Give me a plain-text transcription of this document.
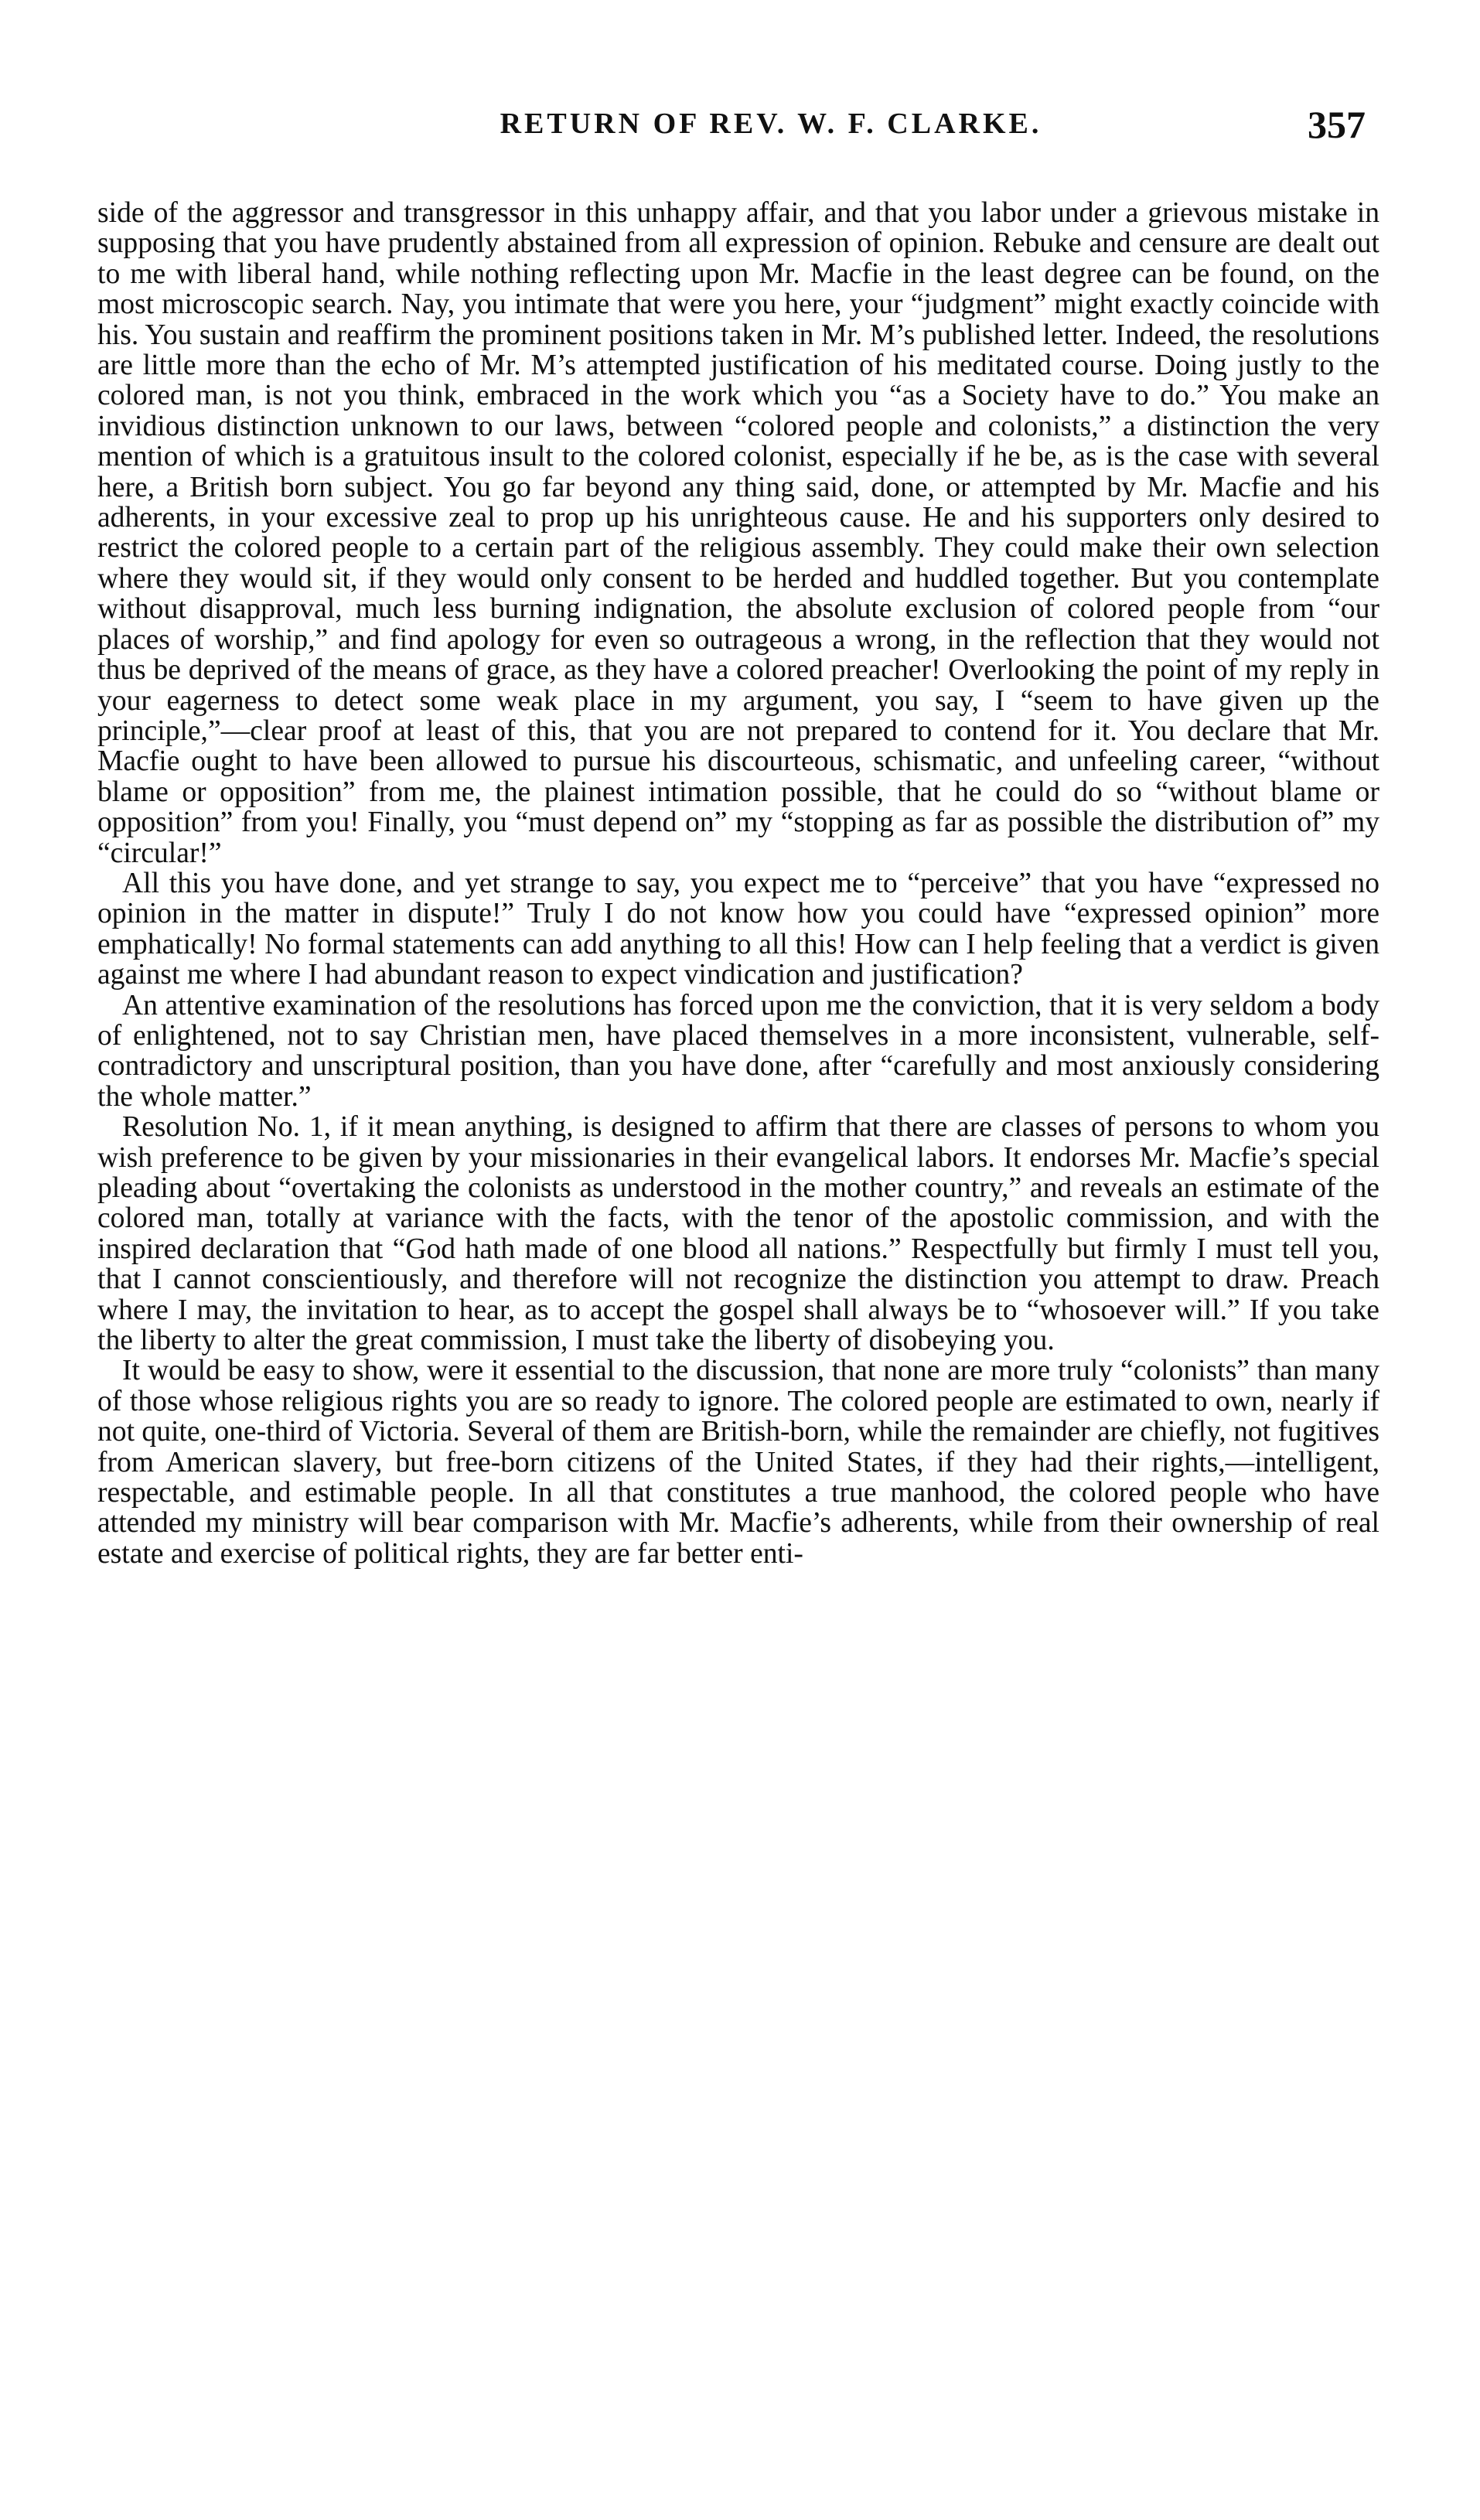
RETURN OF REV. W. F. CLARKE.	357

side of the aggressor and transgressor in this unhappy affair, and that you labor under a grievous mistake in supposing that you have prudently abstained from all expression of opinion. Rebuke and censure are dealt out to me with liberal hand, while nothing reflecting upon Mr. Macfie in the least degree can be found, on the most microscopic search. Nay, you intimate that were you here, your “judgment” might exactly coincide with his. You sustain and reaffirm the prominent positions taken in Mr. M’s published letter. Indeed, the resolutions are little more than the echo of Mr. M’s attempted justification of his meditated course. Doing justly to the colored man, is not you think, embraced in the work which you “as a Society have to do.” You make an invidious distinction unknown to our laws, between “colored people and colonists,” a distinction the very mention of which is a gratuitous insult to the colored colonist, especially if he be, as is the case with several here, a British born subject. You go far beyond any thing said, done, or attempted by Mr. Macfie and his adherents, in your excessive zeal to prop up his unrighteous cause. He and his supporters only desired to restrict the colored people to a certain part of the religious assembly. They could make their own selection where they would sit, if they would only consent to be herded and huddled together. But you contemplate without disapproval, much less burning indignation, the absolute exclusion of colored people from “our places of worship,” and find apology for even so outrageous a wrong, in the reflection that they would not thus be deprived of the means of grace, as they have a colored preacher! Overlooking the point of my reply in your eagerness to detect some weak place in my argument, you say, I “seem to have given up the principle,”—clear proof at least of this, that you are not prepared to contend for it. You declare that Mr. Macfie ought to have been allowed to pursue his discourteous, schismatic, and unfeeling career, “without blame or opposition” from me, the plainest intimation possible, that he could do so “without blame or opposition” from you! Finally, you “must depend on” my “stopping as far as possible the distribution of” my “circular!”

All this you have done, and yet strange to say, you expect me to “perceive” that you have “expressed no opinion in the matter in dispute!” Truly I do not know how you could have “expressed opinion” more emphatically! No formal statements can add anything to all this! How can I help feeling that a verdict is given against me where I had abundant reason to expect vindication and justification?

An attentive examination of the resolutions has forced upon me the conviction, that it is very seldom a body of enlightened, not to say Christian men, have placed themselves in a more inconsistent, vulnerable, self-contradictory and unscriptural position, than you have done, after “carefully and most anxiously considering the whole matter.”

Resolution No. 1, if it mean anything, is designed to affirm that there are classes of persons to whom you wish preference to be given by your missionaries in their evangelical labors. It endorses Mr. Macfie’s special pleading about “overtaking the colonists as understood in the mother country,” and reveals an estimate of the colored man, totally at variance with the facts, with the tenor of the apostolic commission, and with the inspired declaration that “God hath made of one blood all nations.” Respectfully but firmly I must tell you, that I cannot conscientiously, and therefore will not recognize the distinction you attempt to draw. Preach where I may, the invitation to hear, as to accept the gospel shall always be to “whosoever will.” If you take the liberty to alter the great commission, I must take the liberty of disobeying you.

It would be easy to show, were it essential to the discussion, that none are more truly “colonists” than many of those whose religious rights you are so ready to ignore. The colored people are estimated to own, nearly if not quite, one-third of Victoria. Several of them are British-born, while the remainder are chiefly, not fugitives from American slavery, but free-born citizens of the United States, if they had their rights,—intelligent, respectable, and estimable people. In all that constitutes a true manhood, the colored people who have attended my ministry will bear comparison with Mr. Macfie’s adherents, while from their ownership of real estate and exercise of political rights, they are far better enti-
